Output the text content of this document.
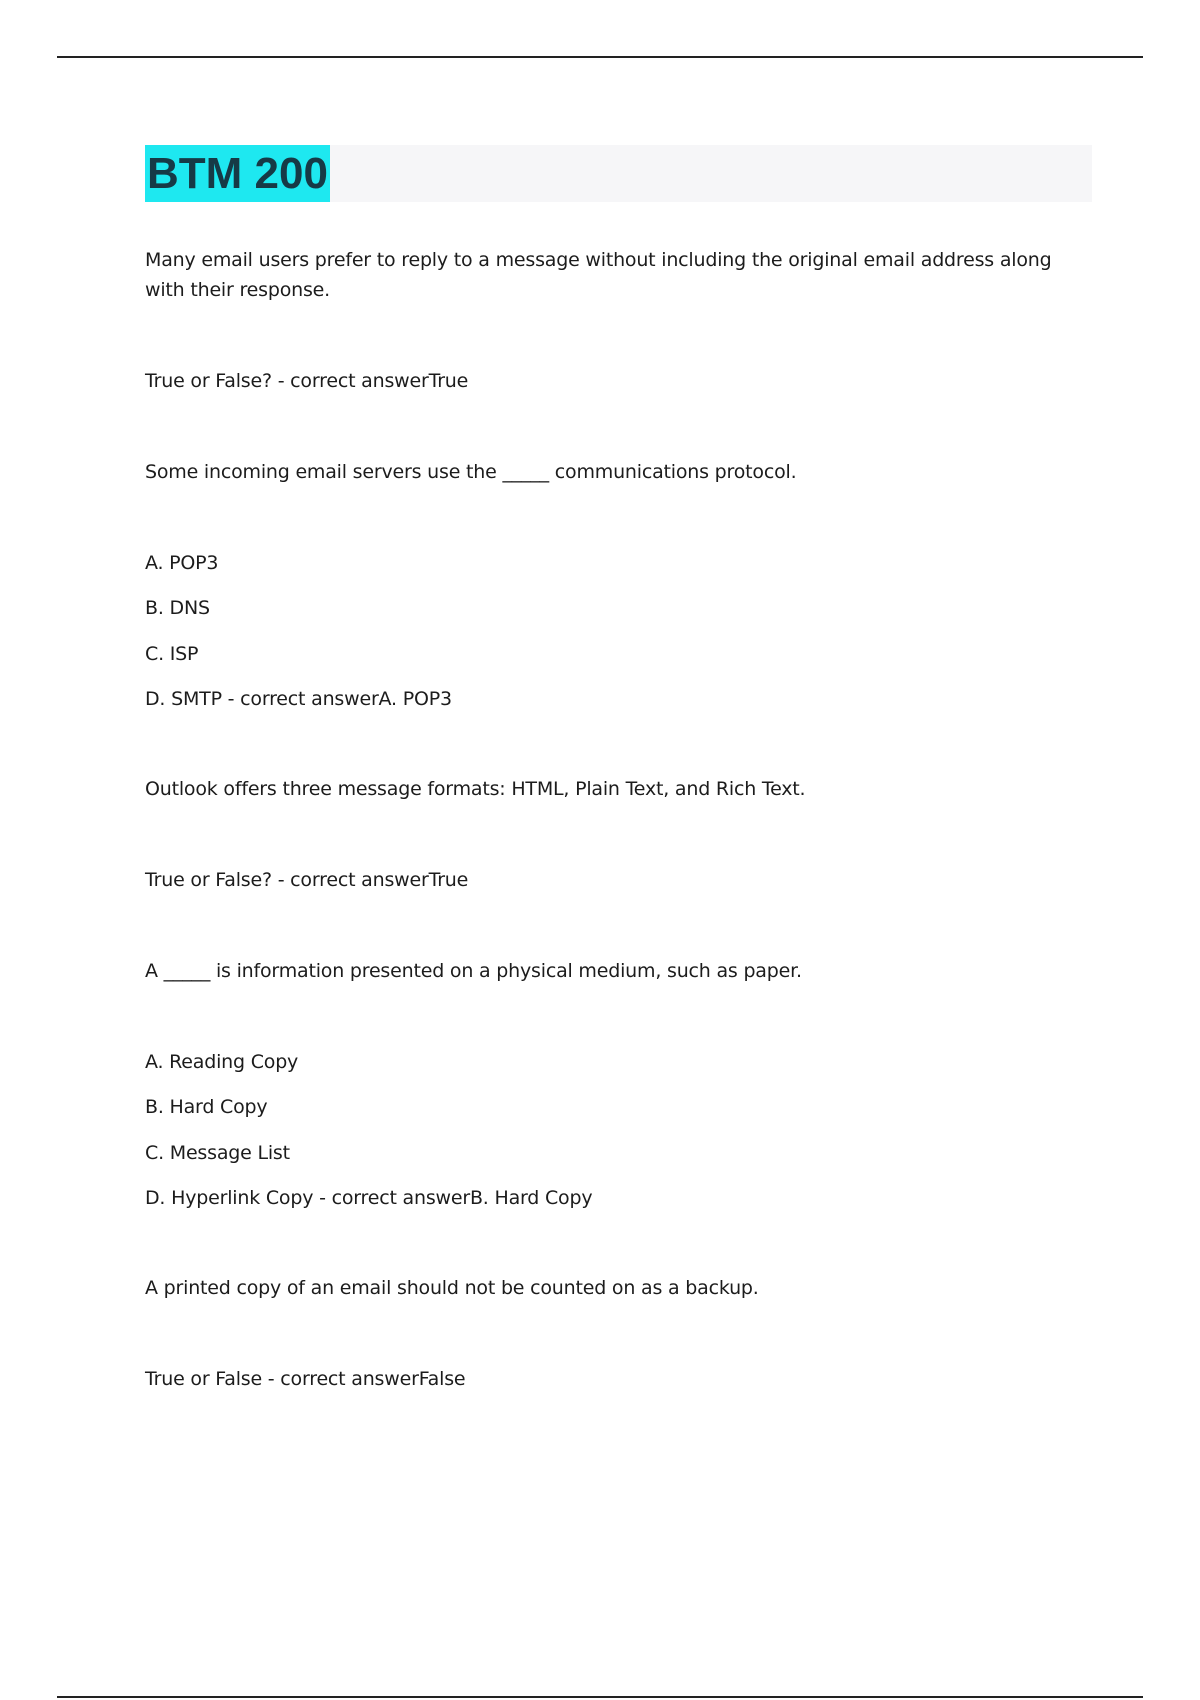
BTM 200
Many email users prefer to reply to a message without including the original email address along with their response.
True or False? - correct answerTrue
Some incoming email servers use the _____ communications protocol.
A. POP3
B. DNS
C. ISP
D. SMTP - correct answerA. POP3
Outlook offers three message formats: HTML, Plain Text, and Rich Text.
True or False? - correct answerTrue
A _____ is information presented on a physical medium, such as paper.
A. Reading Copy
B. Hard Copy
C. Message List
D. Hyperlink Copy - correct answerB. Hard Copy
A printed copy of an email should not be counted on as a backup.
True or False - correct answerFalse
